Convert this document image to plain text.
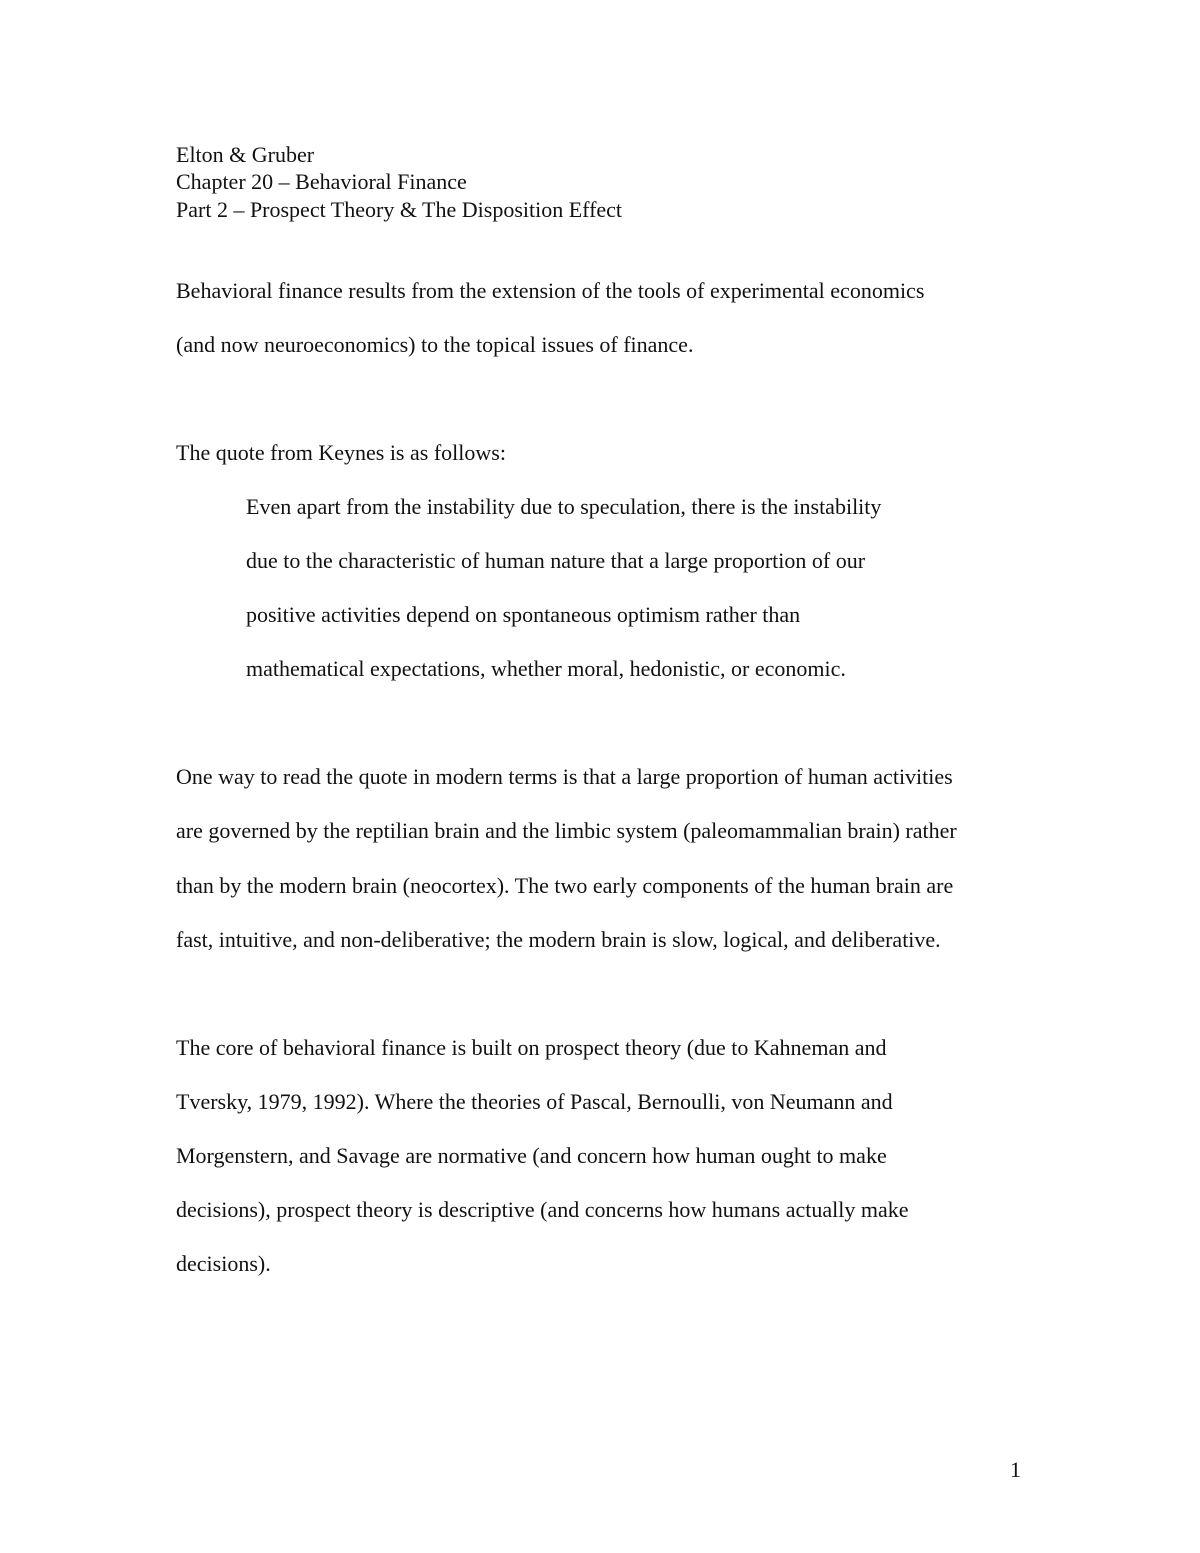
Elton & Gruber
Chapter 20 – Behavioral Finance
Part 2 – Prospect Theory & The Disposition Effect
Behavioral finance results from the extension of the tools of experimental economics
(and now neuroeconomics) to the topical issues of finance.
The quote from Keynes is as follows:
Even apart from the instability due to speculation, there is the instability
due to the characteristic of human nature that a large proportion of our
positive activities depend on spontaneous optimism rather than
mathematical expectations, whether moral, hedonistic, or economic.
One way to read the quote in modern terms is that a large proportion of human activities
are governed by the reptilian brain and the limbic system (paleomammalian brain) rather
than by the modern brain (neocortex). The two early components of the human brain are
fast, intuitive, and non-deliberative; the modern brain is slow, logical, and deliberative.
The core of behavioral finance is built on prospect theory (due to Kahneman and
Tversky, 1979, 1992). Where the theories of Pascal, Bernoulli, von Neumann and
Morgenstern, and Savage are normative (and concern how human ought to make
decisions), prospect theory is descriptive (and concerns how humans actually make
decisions).
1
